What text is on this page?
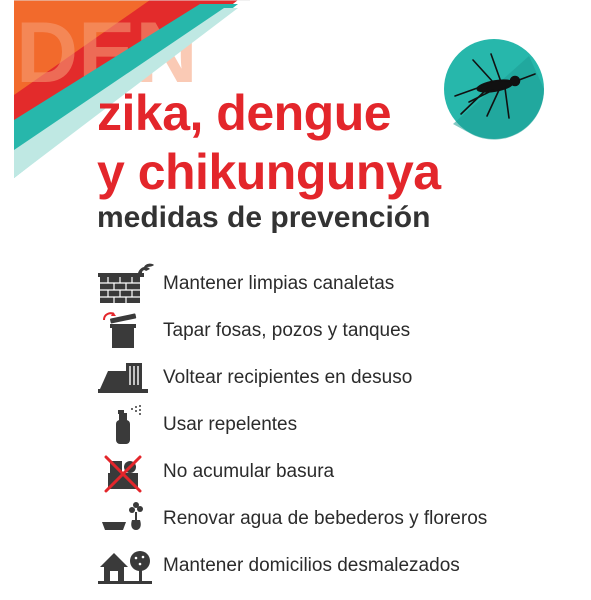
DEN
zika, dengue
y chikungunya
medidas de prevención
Mantener limpias canaletas
Tapar fosas, pozos y tanques
Voltear recipientes en desuso
Usar repelentes
No acumular basura
Renovar agua de bebederos y floreros
Mantener domicilios desmalezados
